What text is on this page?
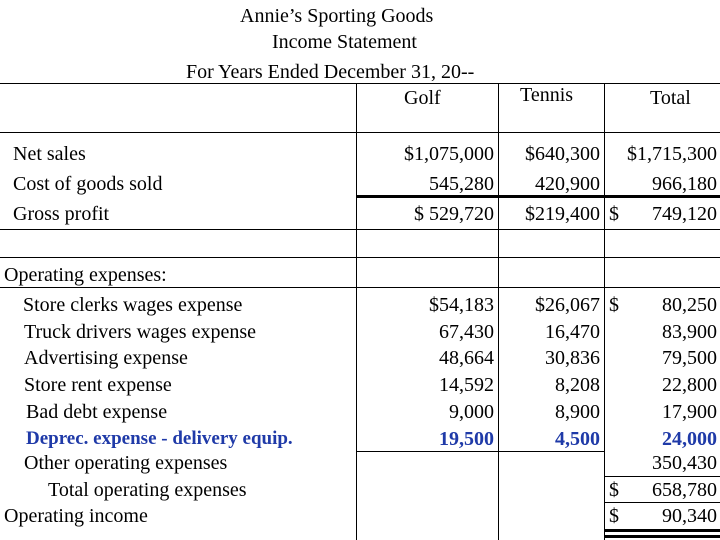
Annie’s Sporting Goods
Income Statement
For Years Ended December 31, 20--
Golf	Tennis	Total
Net sales
Cost of goods sold
Gross profit
Operating expenses:
Store clerks wages expense
Truck drivers wages expense
Advertising expense
Store rent expense
Bad debt expense
Deprec. expense - delivery equip.
Other operating expenses
Total operating expenses
Operating income
$1,075,000
545,280
$ 529,720
$54,183
67,430
48,664
14,592
9,000
19,500
$640,300
420,900
$219,400
$26,067
16,470
30,836
8,208
8,900
4,500
$
$
$
$
$1,715,300
966,180
749,120
80,250
83,900
79,500
22,800
17,900
24,000
350,430
658,780
90,340
